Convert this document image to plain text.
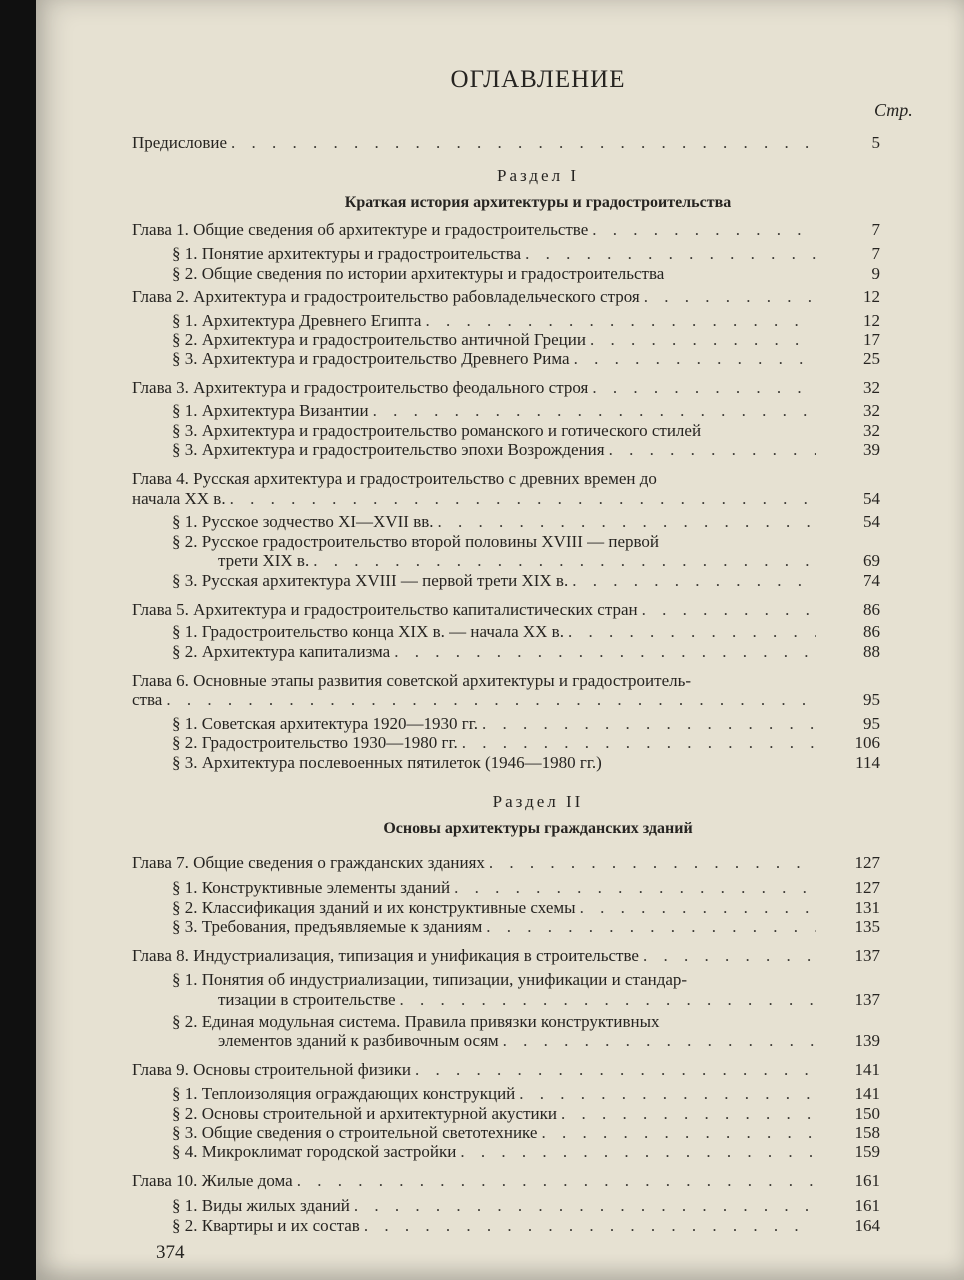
ОГЛАВЛЕНИЕ
Стр.
Предисловие . . .	5
Раздел I
Краткая история архитектуры и градостроительства
Глава 1. Общие сведения об архитектуре и градостроительстве . . .	7
§ 1. Понятие архитектуры и градостроительства . . .	7
§ 2. Общие сведения по истории архитектуры и градостроительства	9
Глава 2. Архитектура и градостроительство рабовладельческого строя . . .	12
§ 1. Архитектура Древнего Египта . . .	12
§ 2. Архитектура и градостроительство античной Греции . . .	17
§ 3. Архитектура и градостроительство Древнего Рима . . .	25
Глава 3. Архитектура и градостроительство феодального строя . . .	32
§ 1. Архитектура Византии . . .	32
§ 3. Архитектура и градостроительство романского и готического стилей	32
§ 3. Архитектура и градостроительство эпохи Возрождения . . .	39
Глава 4. Русская архитектура и градостроительство с древних времен до
начала XX в. . . .	54
§ 1. Русское зодчество XI—XVII вв. . . .	54
§ 2. Русское градостроительство второй половины XVIII — первой
трети XIX в. . . .	69
§ 3. Русская архитектура XVIII — первой трети XIX в. . . .	74
Глава 5. Архитектура и градостроительство капиталистических стран . . .	86
§ 1. Градостроительство конца XIX в. — начала XX в. . . .	86
§ 2. Архитектура капитализма . . .	88
Глава 6. Основные этапы развития советской архитектуры и градостроитель-
ства . . .	95
§ 1. Советская архитектура 1920—1930 гг. . . .	95
§ 2. Градостроительство 1930—1980 гг. . . .	106
§ 3. Архитектура послевоенных пятилеток (1946—1980 гг.)	114
Раздел II
Основы архитектуры гражданских зданий
Глава 7. Общие сведения о гражданских зданиях . . .	127
§ 1. Конструктивные элементы зданий . . .	127
§ 2. Классификация зданий и их конструктивные схемы . . .	131
§ 3. Требования, предъявляемые к зданиям . . .	135
Глава 8. Индустриализация, типизация и унификация в строительстве . . .	137
§ 1. Понятия об индустриализации, типизации, унификации и стандар-
тизации в строительстве . . .	137
§ 2. Единая модульная система. Правила привязки конструктивных
элементов зданий к разбивочным осям . . .	139
Глава 9. Основы строительной физики . . .	141
§ 1. Теплоизоляция ограждающих конструкций . . .	141
§ 2. Основы строительной и архитектурной акустики . . .	150
§ 3. Общие сведения о строительной светотехнике . . .	158
§ 4. Микроклимат городской застройки . . .	159
Глава 10. Жилые дома . . .	161
§ 1. Виды жилых зданий . . .	161
§ 2. Квартиры и их состав . . .	164
374
